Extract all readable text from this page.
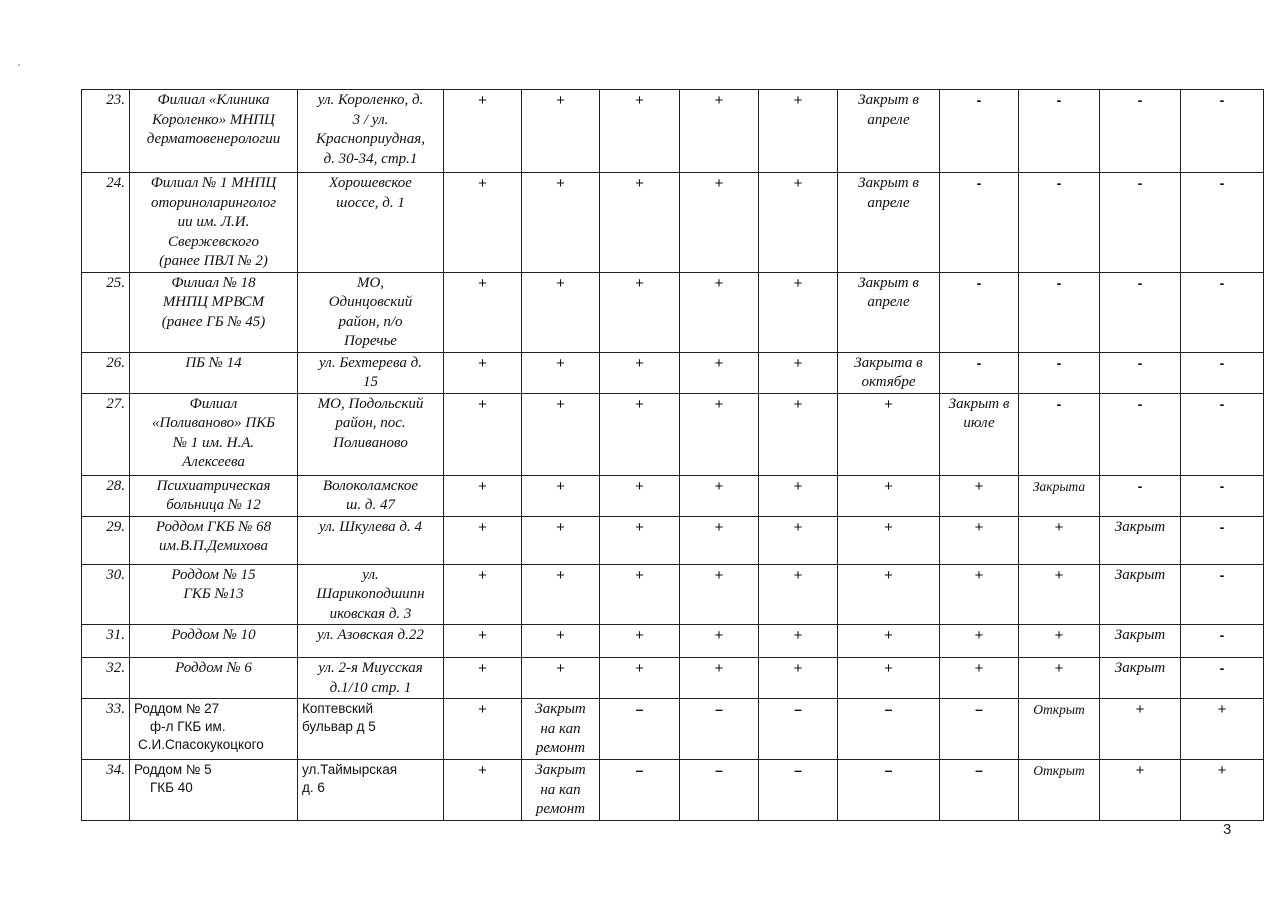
23.	Филиал «Клиника
Короленко» МНПЦ
дерматовенерологии	ул. Короленко, д.
3 / ул.
Красноприудная,
д. 30-34, стр.1	+	+	+	+	+	Закрыт в апреле	-	-	-	-
24.	Филиал № 1 МНПЦ
оториноларинголог
ии им. Л.И.
Свержевского
(ранее ПВЛ № 2)	Хорошевское
шоссе, д. 1	+	+	+	+	+	Закрыт в апреле	-	-	-	-
25.	Филиал № 18
МНПЦ МРВСМ
(ранее ГБ № 45)	МО,
Одинцовский
район, п/о
Поречье	+	+	+	+	+	Закрыт в апреле	-	-	-	-
26.	ПБ № 14	ул. Бехтерева д.
15	+	+	+	+	+	Закрыта в октябре	-	-	-	-
27.	Филиал
«Поливаново» ПКБ
№ 1 им. Н.А.
Алексеева	МО, Подольский
район, пос.
Поливаново	+	+	+	+	+	+	Закрыт в июле	-	-	-
28.	Психиатрическая
больница № 12	Волоколамское
ш. д. 47	+	+	+	+	+	+	+	Закрыта	-	-
29.	Роддом ГКБ № 68
им.В.П.Демихова	ул. Шкулева д. 4	+	+	+	+	+	+	+	+	Закрыт	-
30.	Роддом № 15
ГКБ №13	ул.
Шарикоподшипн
иковская д. 3	+	+	+	+	+	+	+	+	Закрыт	-
31.	Роддом № 10	ул. Азовская д.22	+	+	+	+	+	+	+	+	Закрыт	-
32.	Роддом № 6	ул. 2-я Миусская
д.1/10 стр. 1	+	+	+	+	+	+	+	+	Закрыт	-
33.	Роддом № 27
ф-л ГКБ им.
С.И.Спасокукоцкого	Коптевский
бульвар д 5	+	Закрыт на кап ремонт	–	–	–	–	–	Открыт	+	+
34.	Роддом № 5
ГКБ 40	ул.Таймырская
д. 6	+	Закрыт на кап ремонт	–	–	–	–	–	Открыт	+	+
3
